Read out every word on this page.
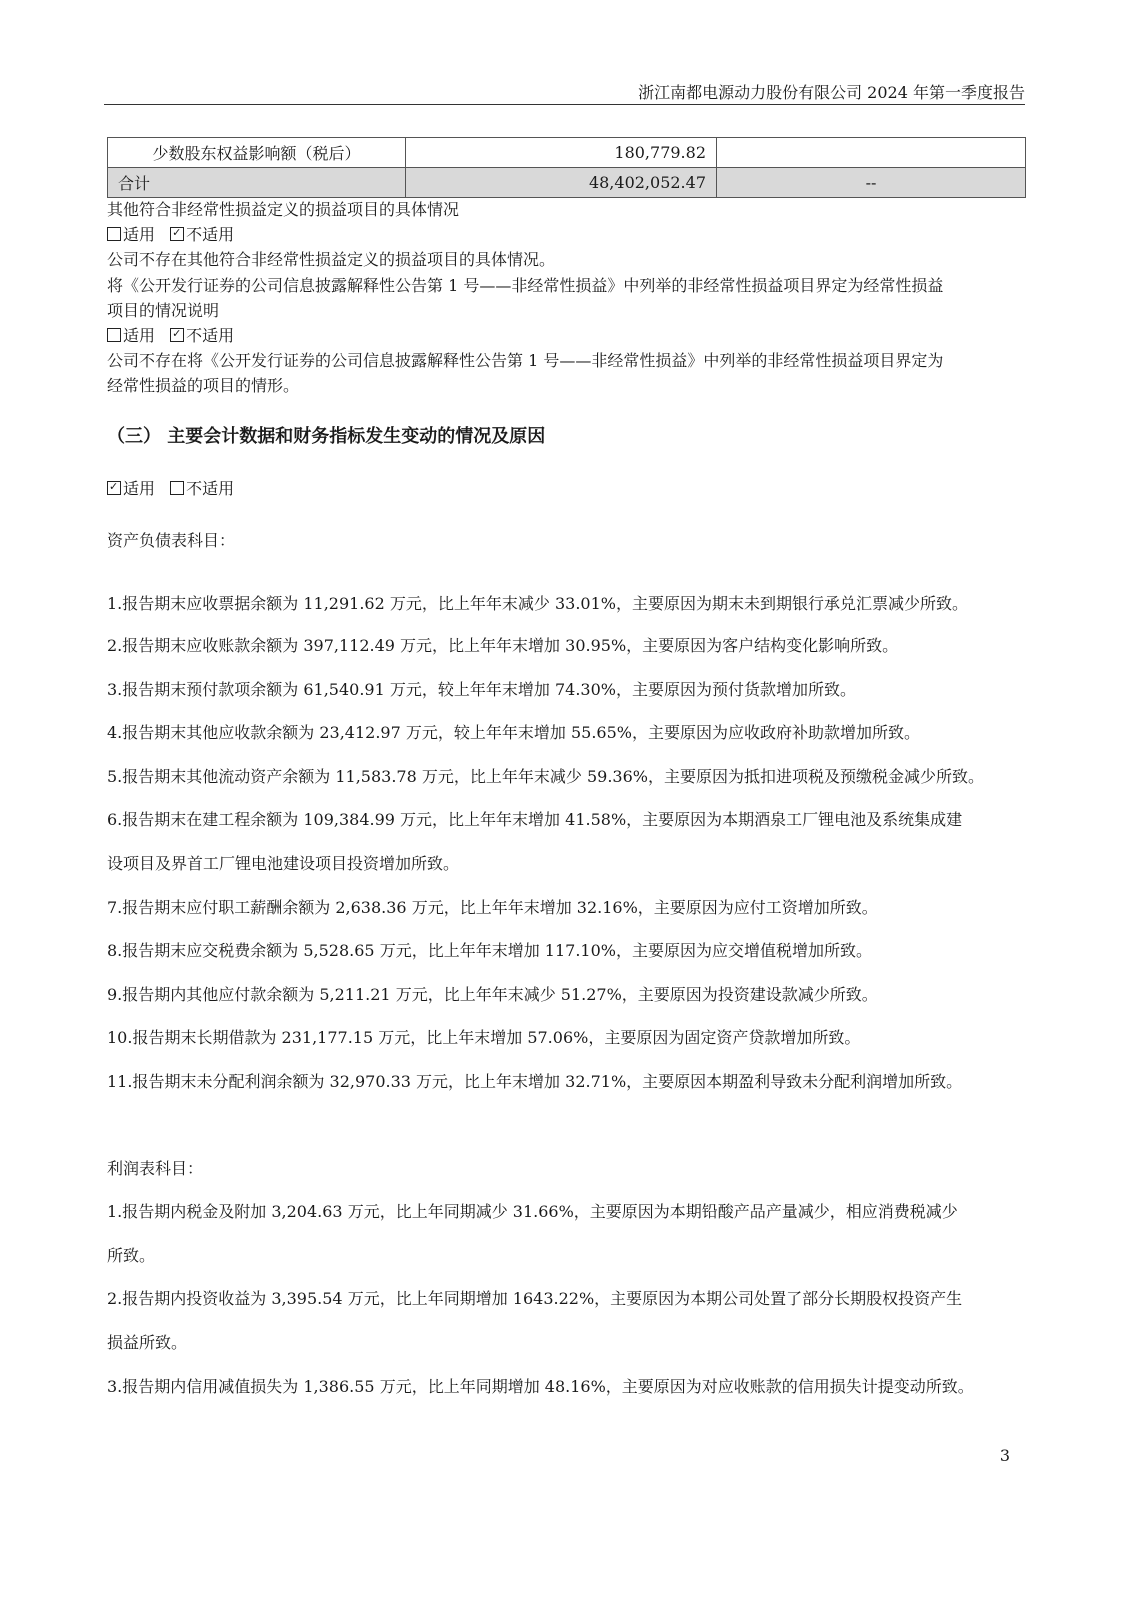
浙江南都电源动力股份有限公司 2024 年第一季度报告
少数股东权益影响额（税后）	180,779.82	
合计	48,402,052.47	--
其他符合非经常性损益定义的损益项目的具体情况
适用 ✓ 不适用
公司不存在其他符合非经常性损益定义的损益项目的具体情况。
将《公开发行证券的公司信息披露解释性公告第 1 号——非经常性损益》中列举的非经常性损益项目界定为经常性损益
项目的情况说明
适用 ✓ 不适用
公司不存在将《公开发行证券的公司信息披露解释性公告第 1 号——非经常性损益》中列举的非经常性损益项目界定为
经常性损益的项目的情形。
（三） 主要会计数据和财务指标发生变动的情况及原因
✓适用 不适用
资产负债表科目：
1.报告期末应收票据余额为 11,291.62 万元，比上年年末减少 33.01%，主要原因为期末未到期银行承兑汇票减少所致。
2.报告期末应收账款余额为 397,112.49 万元，比上年年末增加 30.95%，主要原因为客户结构变化影响所致。
3.报告期末预付款项余额为 61,540.91 万元，较上年年末增加 74.30%，主要原因为预付货款增加所致。
4.报告期末其他应收款余额为 23,412.97 万元，较上年年末增加 55.65%，主要原因为应收政府补助款增加所致。
5.报告期末其他流动资产余额为 11,583.78 万元，比上年年末减少 59.36%，主要原因为抵扣进项税及预缴税金减少所致。
6.报告期末在建工程余额为 109,384.99 万元，比上年年末增加 41.58%，主要原因为本期酒泉工厂锂电池及系统集成建
设项目及界首工厂锂电池建设项目投资增加所致。
7.报告期末应付职工薪酬余额为 2,638.36 万元，比上年年末增加 32.16%，主要原因为应付工资增加所致。
8.报告期末应交税费余额为 5,528.65 万元，比上年年末增加 117.10%，主要原因为应交增值税增加所致。
9.报告期内其他应付款余额为 5,211.21 万元，比上年年末减少 51.27%，主要原因为投资建设款减少所致。
10.报告期末长期借款为 231,177.15 万元，比上年末增加 57.06%，主要原因为固定资产贷款增加所致。
11.报告期末未分配利润余额为 32,970.33 万元，比上年末增加 32.71%，主要原因本期盈利导致未分配利润增加所致。
利润表科目：
1.报告期内税金及附加 3,204.63 万元，比上年同期减少 31.66%，主要原因为本期铅酸产品产量减少，相应消费税减少
所致。
2.报告期内投资收益为 3,395.54 万元，比上年同期增加 1643.22%，主要原因为本期公司处置了部分长期股权投资产生
损益所致。
3.报告期内信用减值损失为 1,386.55 万元，比上年同期增加 48.16%，主要原因为对应收账款的信用损失计提变动所致。
3
